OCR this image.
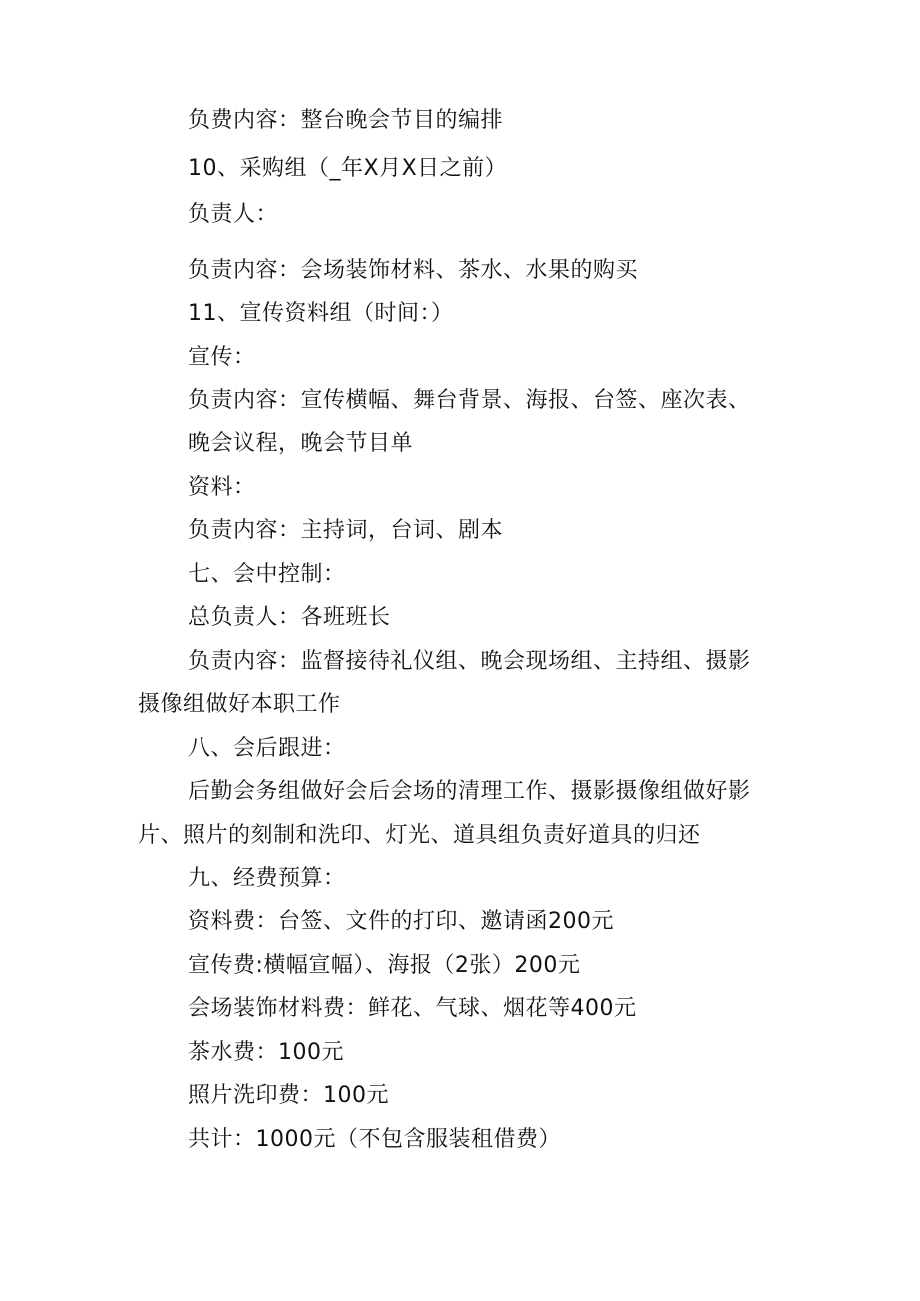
负费内容：整台晚会节目的编排
10、采购组（_年X月X日之前）
负责人：
负责内容：会场装饰材料、茶水、水果的购买
11、宣传资料组（时间：）
宣传：
负责内容：宣传横幅、舞台背景、海报、台签、座次表、
晚会议程，晚会节目单
资料：
负责内容：主持词，台词、剧本
七、会中控制：
总负责人：各班班长
负责内容：监督接待礼仪组、晚会现场组、主持组、摄影
摄像组做好本职工作
八、会后跟进：
后勤会务组做好会后会场的清理工作、摄影摄像组做好影
片、照片的刻制和洗印、灯光、道具组负责好道具的归还
九、经费预算：
资料费：台签、文件的打印、邀请函200元
宣传费:横幅宣幅）、海报（2张）200元
会场装饰材料费：鲜花、气球、烟花等400元
茶水费：100元
照片洗印费：100元
共计：1000元（不包含服装租借费）
